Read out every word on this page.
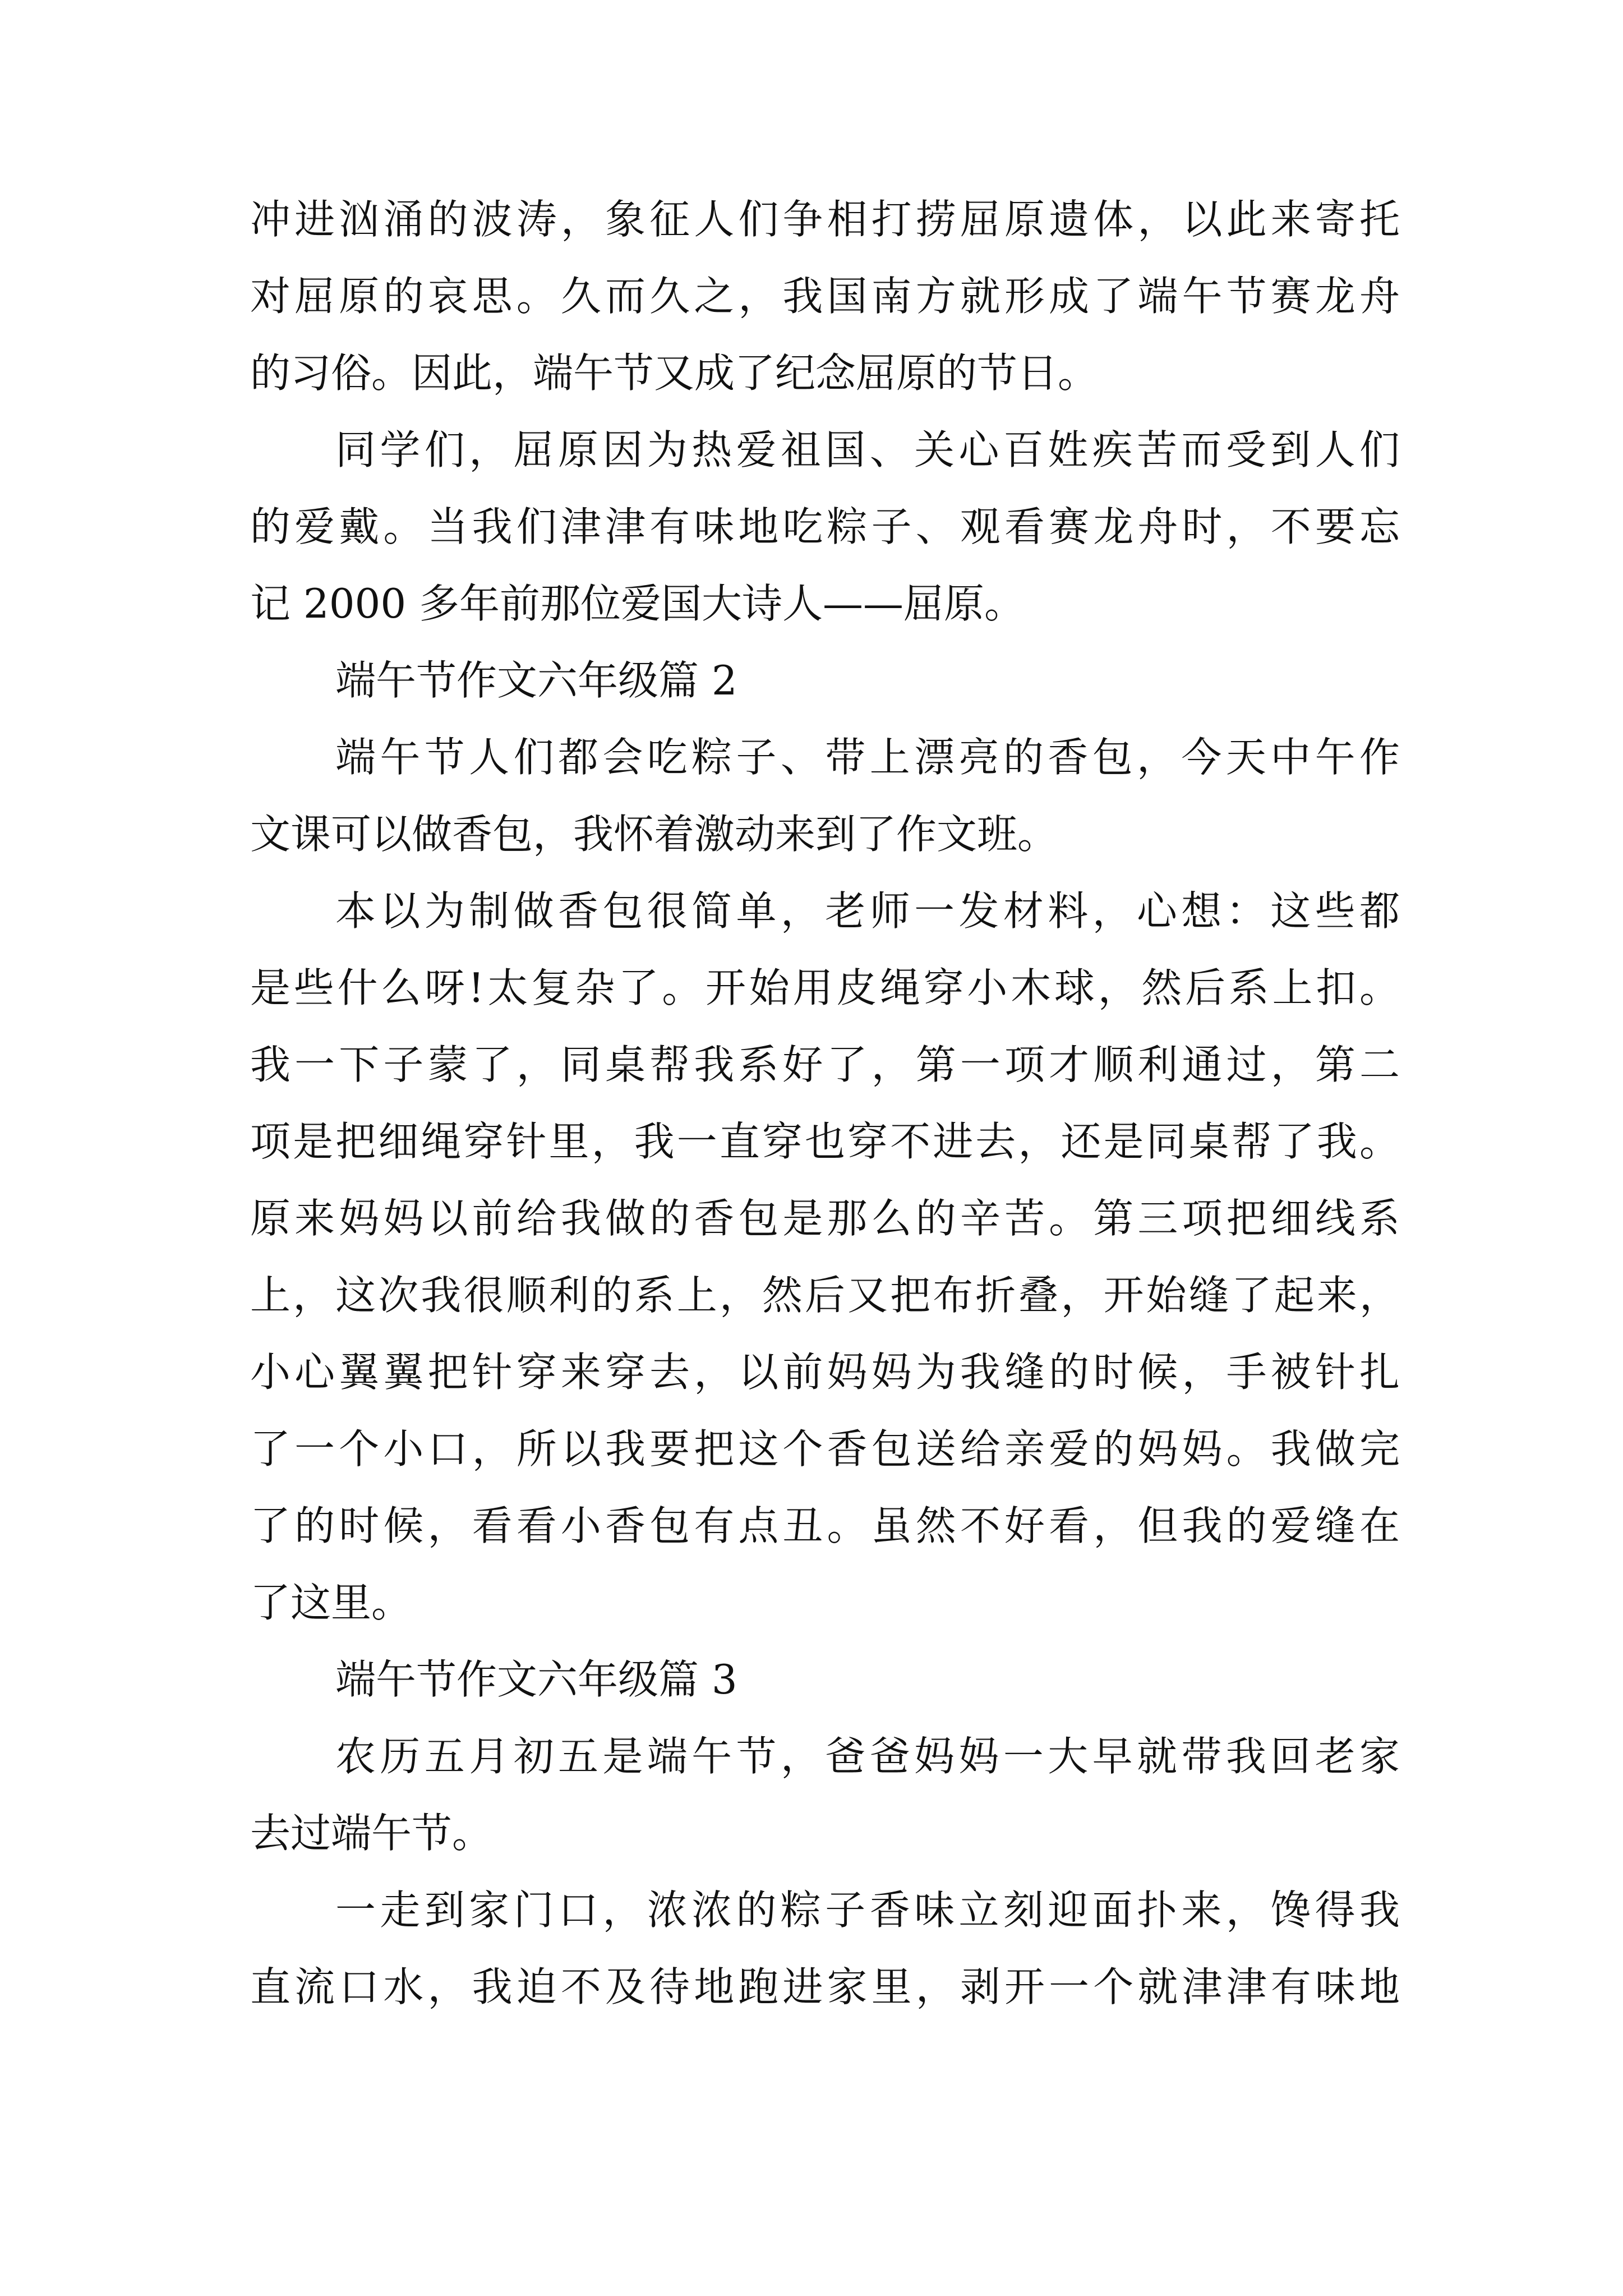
冲进汹涌的波涛，象征人们争相打捞屈原遗体，以此来寄托

对屈原的哀思。久而久之，我国南方就形成了端午节赛龙舟

的习俗。因此，端午节又成了纪念屈原的节日。

同学们，屈原因为热爱祖国、关心百姓疾苦而受到人们

的爱戴。当我们津津有味地吃粽子、观看赛龙舟时，不要忘

记 2000 多年前那位爱国大诗人——屈原。

端午节作文六年级篇 2

端午节人们都会吃粽子、带上漂亮的香包，今天中午作

文课可以做香包，我怀着激动来到了作文班。

本以为制做香包很简单，老师一发材料，心想：这些都

是些什么呀!太复杂了。开始用皮绳穿小木球，然后系上扣。

我一下子蒙了，同桌帮我系好了，第一项才顺利通过，第二

项是把细绳穿针里，我一直穿也穿不进去，还是同桌帮了我。

原来妈妈以前给我做的香包是那么的辛苦。第三项把细线系

上，这次我很顺利的系上，然后又把布折叠，开始缝了起来，

小心翼翼把针穿来穿去，以前妈妈为我缝的时候，手被针扎

了一个小口，所以我要把这个香包送给亲爱的妈妈。我做完

了的时候，看看小香包有点丑。虽然不好看，但我的爱缝在

了这里。

端午节作文六年级篇 3

农历五月初五是端午节，爸爸妈妈一大早就带我回老家

去过端午节。

一走到家门口，浓浓的粽子香味立刻迎面扑来，馋得我

直流口水，我迫不及待地跑进家里，剥开一个就津津有味地
